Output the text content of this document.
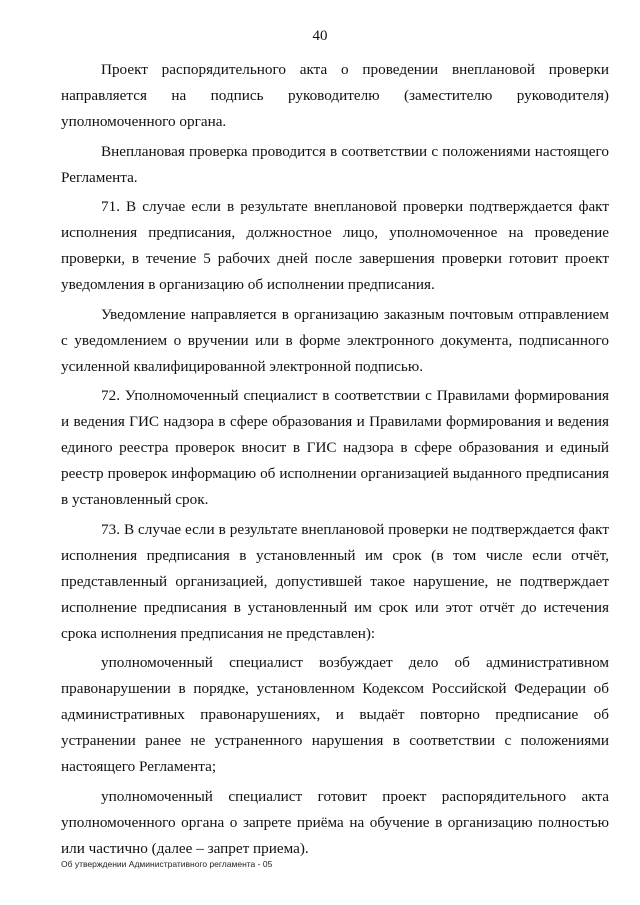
40

Проект распорядительного акта о проведении внеплановой проверки направляется на подпись руководителю (заместителю руководителя) уполномоченного органа.

Внеплановая проверка проводится в соответствии с положениями настоящего Регламента.

71. В случае если в результате внеплановой проверки подтверждается факт исполнения предписания, должностное лицо, уполномоченное на проведение проверки, в течение 5 рабочих дней после завершения проверки готовит проект уведомления в организацию об исполнении предписания.

Уведомление направляется в организацию заказным почтовым отправлением с уведомлением о вручении или в форме электронного документа, подписанного усиленной квалифицированной электронной подписью.

72. Уполномоченный специалист в соответствии с Правилами формирования и ведения ГИС надзора в сфере образования и Правилами формирования и ведения единого реестра проверок вносит в ГИС надзора в сфере образования и единый реестр проверок информацию об исполнении организацией выданного предписания в установленный срок.

73. В случае если в результате внеплановой проверки не подтверждается факт исполнения предписания в установленный им срок (в том числе если отчёт, представленный организацией, допустившей такое нарушение, не подтверждает исполнение предписания в установленный им срок или этот отчёт до истечения срока исполнения предписания не представлен):

уполномоченный специалист возбуждает дело об административном правонарушении в порядке, установленном Кодексом Российской Федерации об административных правонарушениях, и выдаёт повторно предписание об устранении ранее не устраненного нарушения в соответствии с положениями настоящего Регламента;

уполномоченный специалист готовит проект распорядительного акта уполномоченного органа о запрете приёма на обучение в организацию полностью или частично (далее – запрет приема).

Об утверждении Административного регламента - 05
